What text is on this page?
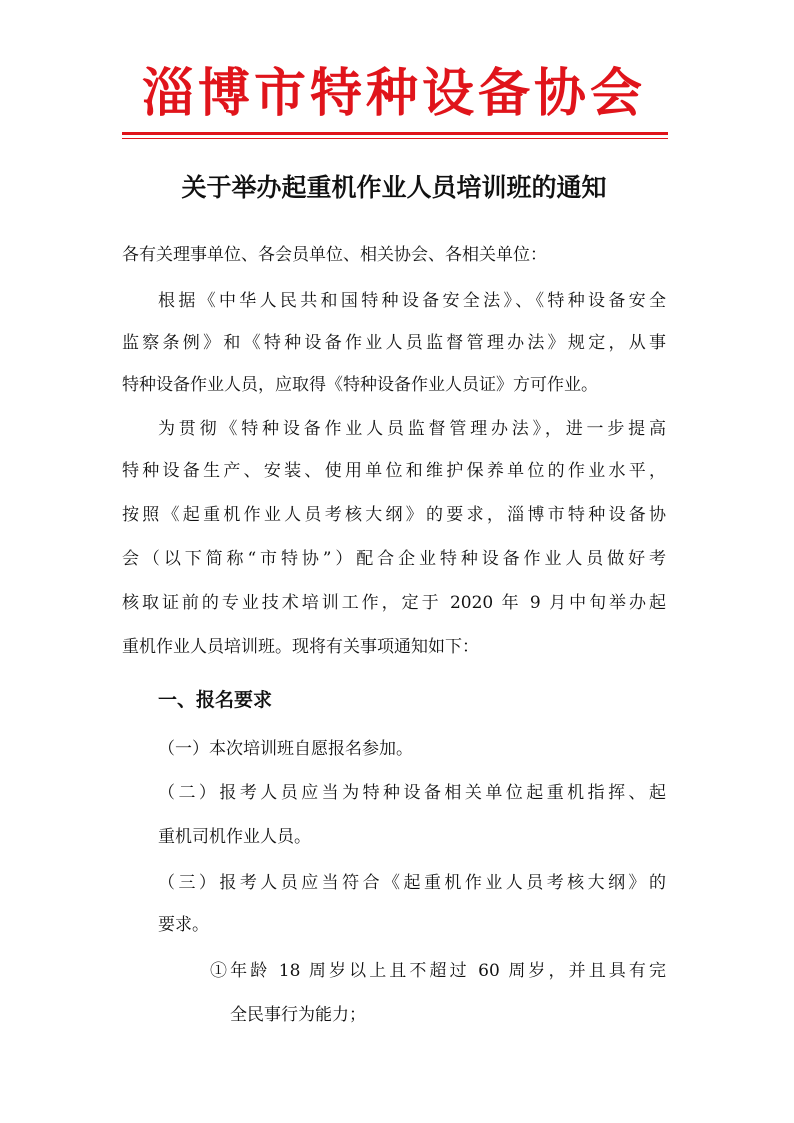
淄博市特种设备协会
关于举办起重机作业人员培训班的通知
各有关理事单位、各会员单位、相关协会、各相关单位：
根据《中华人民共和国特种设备安全法》、《特种设备安全
监察条例》和《特种设备作业人员监督管理办法》规定，从事
特种设备作业人员，应取得《特种设备作业人员证》方可作业。
为贯彻《特种设备作业人员监督管理办法》，进一步提高
特种设备生产、安装、使用单位和维护保养单位的作业水平，
按照《起重机作业人员考核大纲》的要求，淄博市特种设备协
会（以下简称“市特协”）配合企业特种设备作业人员做好考
核取证前的专业技术培训工作，定于 2020 年 9 月中旬举办起
重机作业人员培训班。现将有关事项通知如下：
一、报名要求
（一）本次培训班自愿报名参加。
（二）报考人员应当为特种设备相关单位起重机指挥、起
重机司机作业人员。
（三）报考人员应当符合《起重机作业人员考核大纲》的
要求。
①年龄 18 周岁以上且不超过 60 周岁，并且具有完
全民事行为能力；
